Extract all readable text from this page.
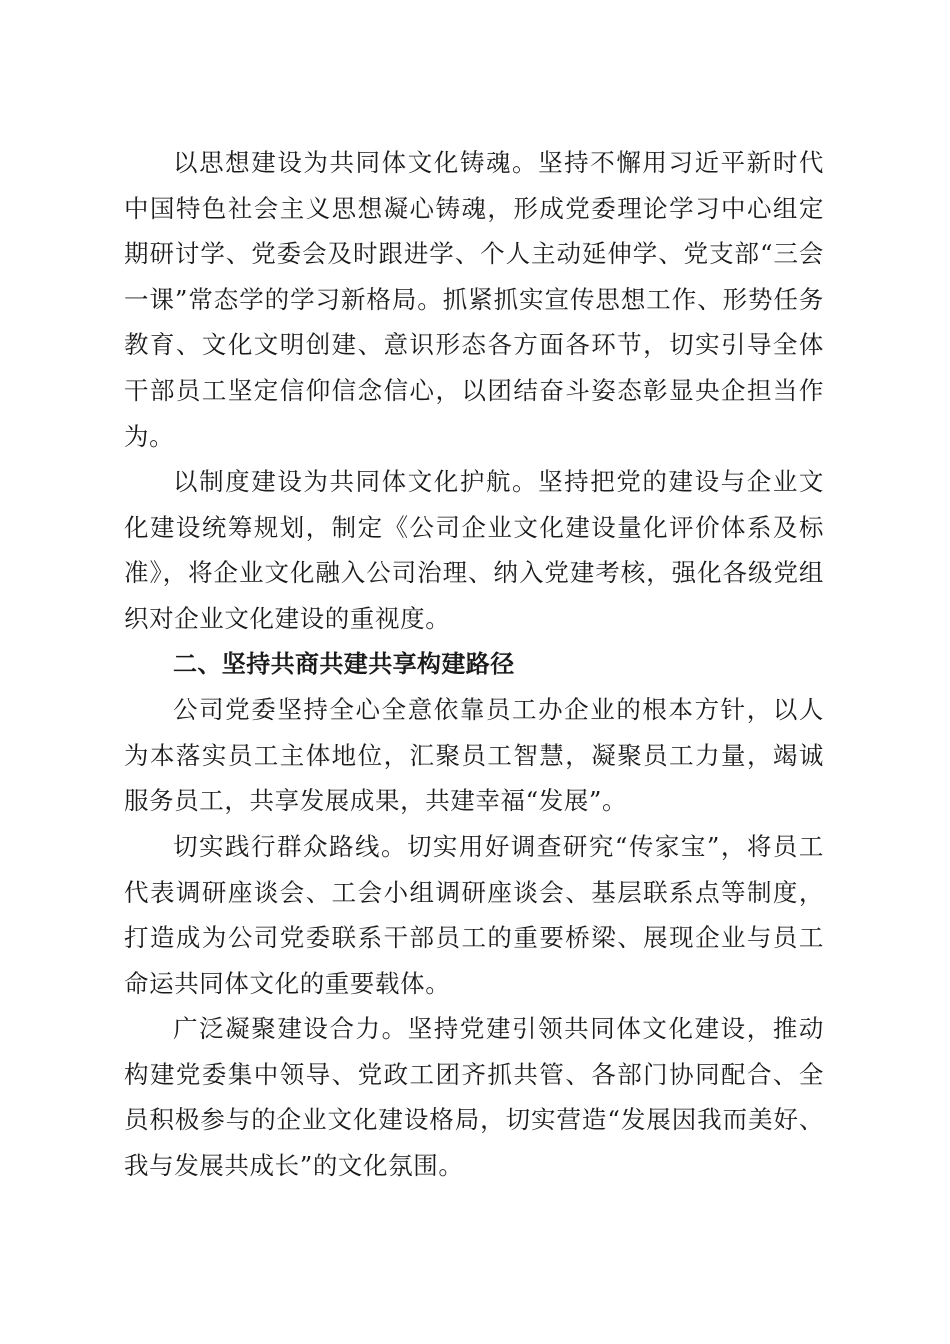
以思想建设为共同体文化铸魂。坚持不懈用习近平新时代中国特色社会主义思想凝心铸魂，形成党委理论学习中心组定期研讨学、党委会及时跟进学、个人主动延伸学、党支部“三会一课”常态学的学习新格局。抓紧抓实宣传思想工作、形势任务教育、文化文明创建、意识形态各方面各环节，切实引导全体干部员工坚定信仰信念信心，以团结奋斗姿态彰显央企担当作为。

以制度建设为共同体文化护航。坚持把党的建设与企业文化建设统筹规划，制定《公司企业文化建设量化评价体系及标准》，将企业文化融入公司治理、纳入党建考核，强化各级党组织对企业文化建设的重视度。

二、坚持共商共建共享构建路径

公司党委坚持全心全意依靠员工办企业的根本方针，以人为本落实员工主体地位，汇聚员工智慧，凝聚员工力量，竭诚服务员工，共享发展成果，共建幸福“发展”。

切实践行群众路线。切实用好调查研究“传家宝”，将员工代表调研座谈会、工会小组调研座谈会、基层联系点等制度，打造成为公司党委联系干部员工的重要桥梁、展现企业与员工命运共同体文化的重要载体。

广泛凝聚建设合力。坚持党建引领共同体文化建设，推动构建党委集中领导、党政工团齐抓共管、各部门协同配合、全员积极参与的企业文化建设格局，切实营造“发展因我而美好、我与发展共成长”的文化氛围。
